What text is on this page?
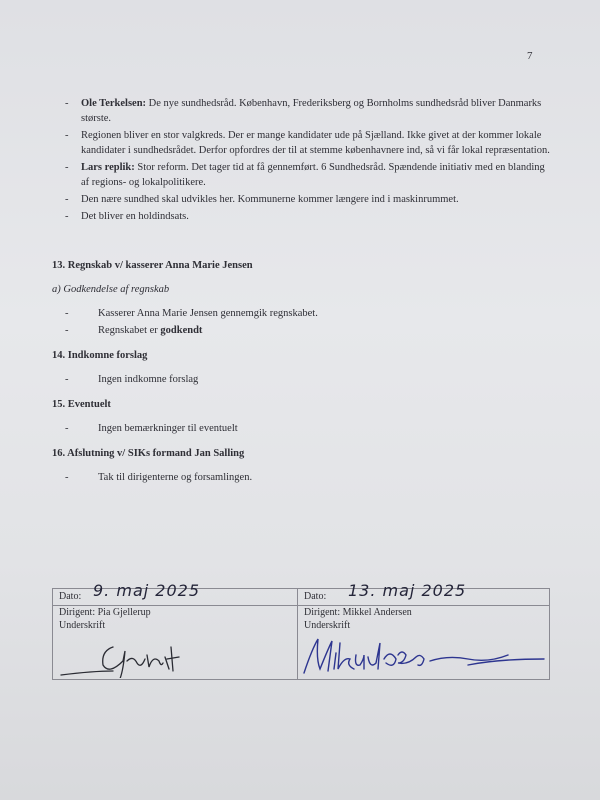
7
- Ole Terkelsen: De nye sundhedsråd. København, Frederiksberg og Bornholms sundhedsråd bliver Danmarks største.
- Regionen bliver en stor valgkreds. Der er mange kandidater ude på Sjælland. Ikke givet at der kommer lokale kandidater i sundhedsrådet. Derfor opfordres der til at stemme københavnere ind, så vi får lokal repræsentation.
- Lars replik: Stor reform. Det tager tid at få gennemført. 6 Sundhedsråd. Spændende initiativ med en blanding af regions- og lokalpolitikere.
- Den nære sundhed skal udvikles her. Kommunerne kommer længere ind i maskinrummet.
- Det bliver en holdindsats.

13. Regnskab v/ kasserer Anna Marie Jensen

a) Godkendelse af regnskab

- Kasserer Anna Marie Jensen gennemgik regnskabet.
- Regnskabet er godkendt

14. Indkomne forslag

- Ingen indkomne forslag

15. Eventuelt

- Ingen bemærkninger til eventuelt

16. Afslutning v/ SIKs formand Jan Salling

- Tak til dirigenterne og forsamlingen.
Dato: 9. maj 2025
Dirigent: Pia Gjellerup
Underskrift
Dato: 13. maj 2025
Dirigent: Mikkel Andersen
Underskrift
